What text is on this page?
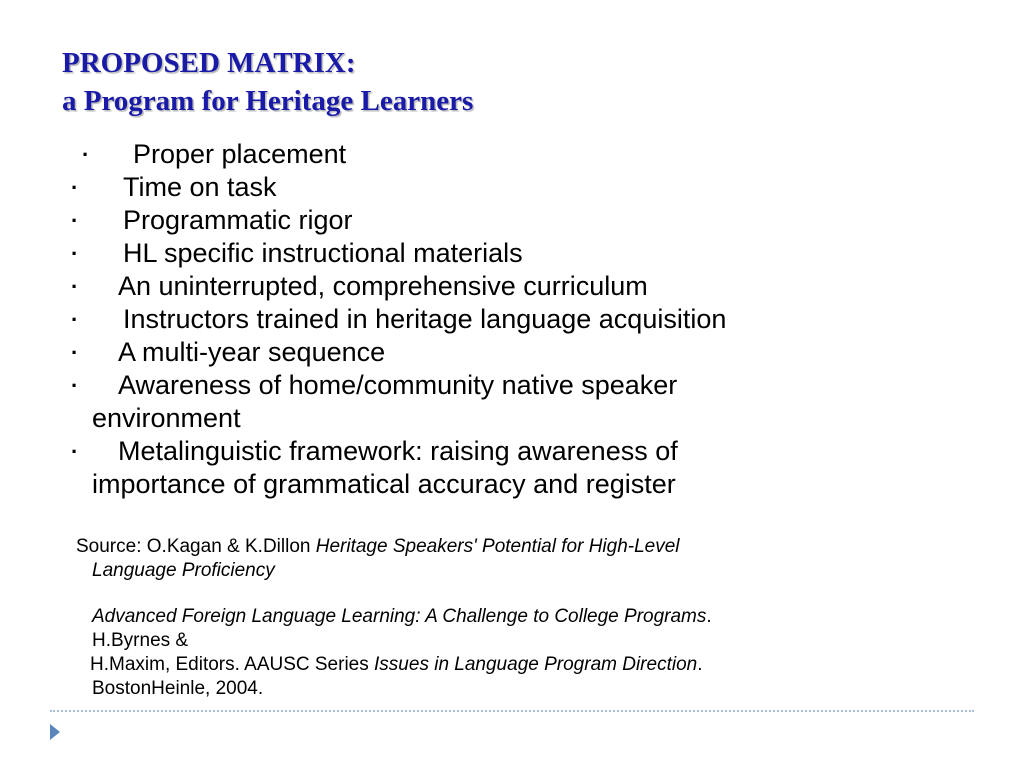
PROPOSED MATRIX:
a Program for Heritage Learners
· Proper placement
· Time on task
· Programmatic rigor
· HL specific instructional materials
· An uninterrupted, comprehensive curriculum
· Instructors trained in heritage language acquisition
· A multi-year sequence
· Awareness of home/community native speaker
environment
· Metalinguistic framework: raising awareness of
importance of grammatical accuracy and register

Source: O.Kagan & K.Dillon Heritage Speakers' Potential for High-Level

Language Proficiency

Advanced Foreign Language Learning: A Challenge to College Programs.

H.Byrnes &

H.Maxim, Editors. AAUSC Series Issues in Language Program Direction.

BostonHeinle, 2004.
